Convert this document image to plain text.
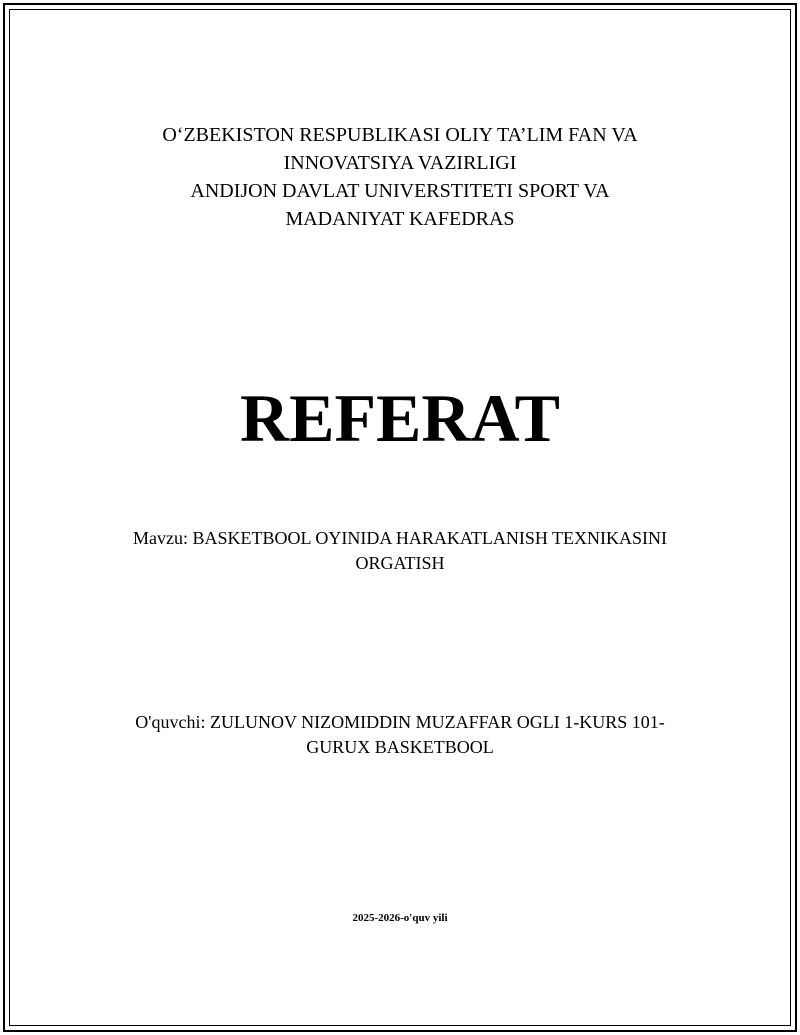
O‘ZBEKISTON RESPUBLIKASI OLIY TA’LIM FAN VA
INNOVATSIYA VAZIRLIGI
ANDIJON DAVLAT UNIVERSTITETI SPORT VA
MADANIYAT KAFEDRAS
REFERAT
Mavzu: BASKETBOOL OYINIDA HARAKATLANISH TEXNIKASINI
ORGATISH
O'quvchi: ZULUNOV NIZOMIDDIN MUZAFFAR OGLI 1-KURS 101-
GURUX BASKETBOOL
2025-2026-o'quv yili
